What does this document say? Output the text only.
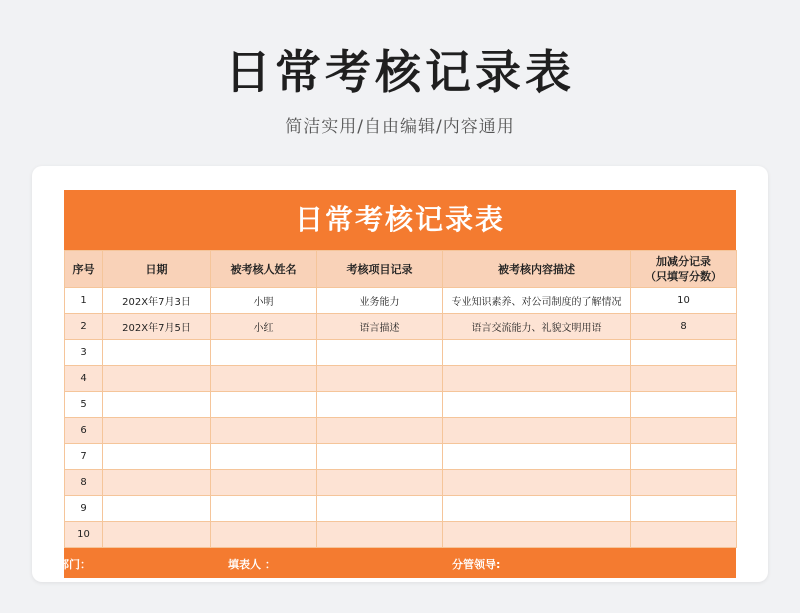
日常考核记录表
简洁实用/自由编辑/内容通用
日常考核记录表
序号	日期	被考核人姓名	考核项目记录	被考核内容描述	加减分记录
（只填写分数）
1	202X年7月3日	小明	业务能力	专业知识素养、对公司制度的了解情况	10
2	202X年7月5日	小红	语言描述	语言交流能力、礼貌文明用语	8
3					
4					
5					
6					
7					
8					
9					
10					
部门：	填表人 ：	分管领导:
